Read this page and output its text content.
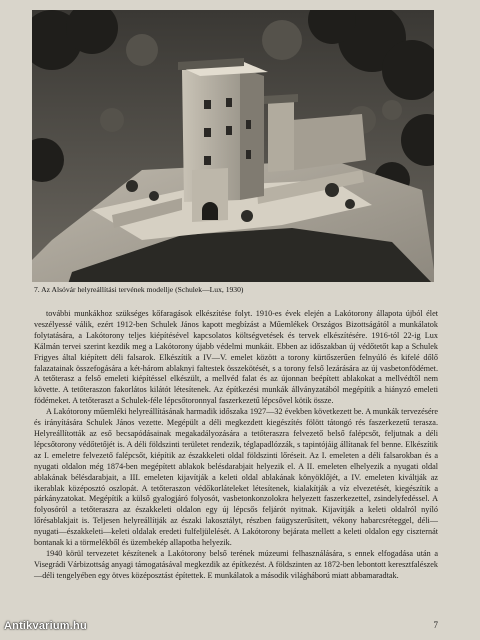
7. Az Alsóvár helyreállítási tervének modellje (Schulek—Lux, 1930)

további munkákhoz szükséges kőfaragások elkészítése folyt. 1910-es évek elején a Lakótorony állapota újból élet veszélyessé válik, ezért 1912-ben Schulek János kapott megbízást a Műemlékek Országos Bizottságától a munkálatok folytatására, a Lakótorony teljes kiépítésével kapcsolatos költségvetések és tervek elkészítésére. 1916-tól 22-ig Lux Kálmán tervei szerint kezdik meg a Lakótorony újabb védelmi munkáit. Ebben az időszakban új védőtetőt kap a Schulek Frigyes által kiépített déli falsarok. Elkészítik a IV—V. emelet között a torony kürtőszerűen felnyúló és kifelé dőlő falazatainak összefogására a két-három ablaknyi faltestek összekötését, s a torony felső lezárására az új vasbetonfödémet. A tetőterasz a felső emeleti kiépítéssel elkészült, a mellvéd falat és az újonnan beépített ablakokat a mellvédtől nem követte. A tetőteraszon fakorlátos kilátót létesítenek. Az építkezési munkák állványzatából megépítik a hiányzó emeleti födémeket. A tetőteraszt a Schulek-féle lépcsőtoronnyal faszerkezetű lépcsővel kötik össze.

A Lakótorony műemléki helyreállításának harmadik időszaka 1927—32 években következett be. A munkák tervezésére és irányítására Schulek János vezette. Megépült a déli megkezdett kiegészítés fölött tátongó rés faszerkezetű terasza. Helyreállították az eső becsapódásainak megakadályozására a tetőteraszra felvezető belső falépcsőt, feljutnak a déli lépcsőtorony védőtetőjét is. A déli földszinti területet rendezik, téglapadlózzák, s tapintójáig állítanak fel benne. Elkészítik az I. emeletre felvezető falépcsőt, kiépítik az északkeleti oldal földszinti lőréseit. Az I. emeleten a déli falsarokban és a nyugati oldalon még 1874-ben megépített ablakok belésdarabjait helyezik el. A II. emeleten elhelyezik a nyugati oldal ablakának bélésdarabjait, a III. emeleten kijavítják a keleti oldal ablakának könyöklőjét, a IV. emeleten kiváltják az ikerablak középosztó oszlopát. A tetőteraszon védőkorláteleket létesítenek, kialakítják a víz elvezetését, kiegészítik a párkányzatokat. Megépítik a külső gyalogjáró folyosót, vasbetonkonzolokra helyezett faszerkezettel, zsindelyfedéssel. A folyosóról a tetőteraszra az északkeleti oldalon egy új lépcsős feljárót nyitnak. Kijavítják a keleti oldalról nyíló lőrésablakjait is. Teljesen helyreállítják az északi lakosztályt, részben faügyszerűsített, vékony habarcsréteggel, déli—nyugati—északkeleti—keleti oldalak eredeti fulfeljülelését. A Lakótorony bejárata mellett a keleti oldalon egy ciszternát bontanak ki a törmelékből és üzembekép allapotba helyezik.

1940 körül tervezetet készítenek a Lakótorony belső terének múzeumi felhasználására, s ennek elfogadása után a Visegrádi Várbizottság anyagi támogatásával megkezdik az építkezést. A földszinten az 1872-ben lebontott keresztfalészek—déli tengelyében egy ötves középosztást építettek. E munkálatok a második világháború miatt abbamaradtak.

Antikvarium.hu	7
